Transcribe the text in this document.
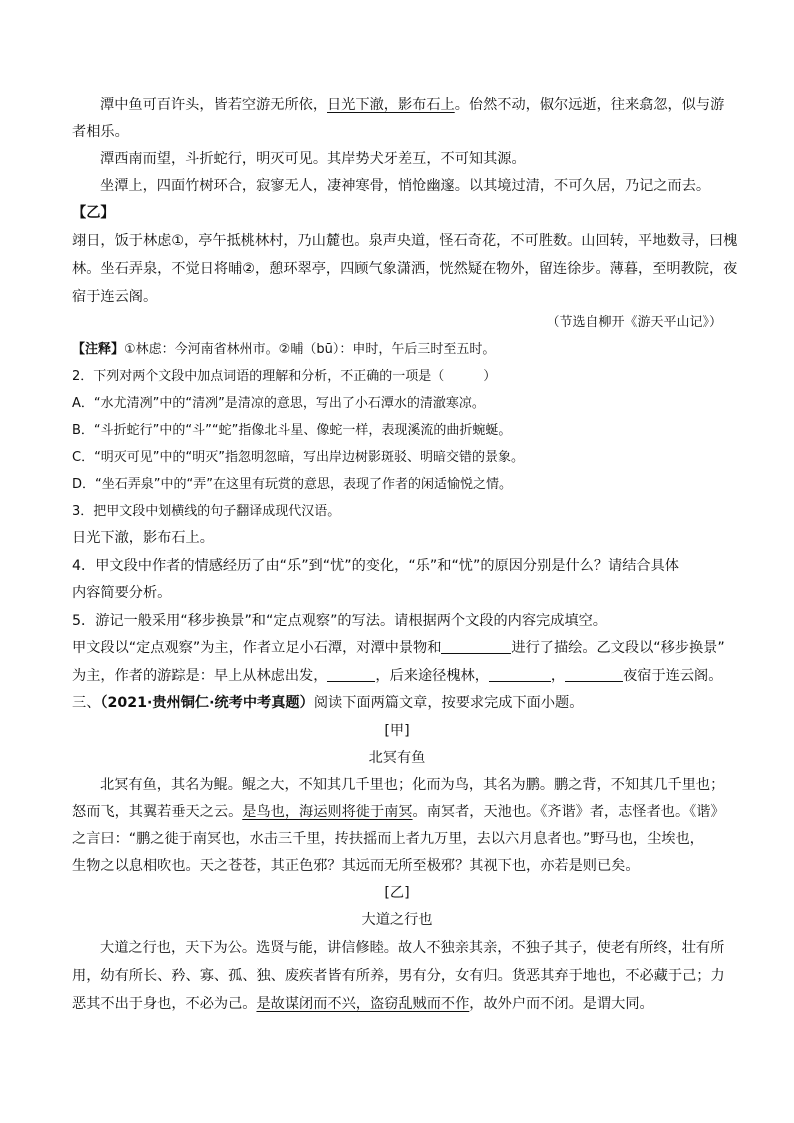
潭中鱼可百许头，皆若空游无所依，日光下澈，影布石上。佁然不动，俶尔远逝，往来翕忽，似与游
者相乐。
潭西南而望，斗折蛇行，明灭可见。其岸势犬牙差互，不可知其源。
坐潭上，四面竹树环合，寂寥无人，凄神寒骨，悄怆幽邃。以其境过清，不可久居，乃记之而去。
【乙】
翊日，饭于林虑①，亭午抵桃林村，乃山麓也。泉声央道，怪石奇花，不可胜数。山回转，平地数寻，曰槐
林。坐石弄泉，不觉日将晡②，憩环翠亭，四顾气象潇洒，恍然疑在物外，留连徐步。薄暮，至明教院，夜
宿于连云阁。
（节选自柳开《游天平山记》）
【注释】①林虑：今河南省林州市。②晡（bū）：申时，午后三时至五时。
2．下列对两个文段中加点词语的理解和分析，不正确的一项是（　　　）
A．“水尤清冽”中的“清冽”是清凉的意思，写出了小石潭水的清澈寒凉。
B．“斗折蛇行”中的“斗”“蛇”指像北斗星、像蛇一样，表现溪流的曲折蜿蜒。
C．“明灭可见”中的“明灭”指忽明忽暗，写出岸边树影斑驳、明暗交错的景象。
D．“坐石弄泉”中的“弄”在这里有玩赏的意思，表现了作者的闲适愉悦之情。
3．把甲文段中划横线的句子翻译成现代汉语。
日光下澈，影布石上。
4．甲文段中作者的情感经历了由“乐”到“忧”的变化，“乐”和“忧”的原因分别是什么？请结合具体
内容简要分析。
5．游记一般采用“移步换景”和“定点观察”的写法。请根据两个文段的内容完成填空。
甲文段以“定点观察”为主，作者立足小石潭，对潭中景物和	进行了描绘。乙文段以“移步换景”
为主，作者的游踪是：早上从林虑出发，	，后来途径槐林，	，	夜宿于连云阁。
三、（2021·贵州铜仁·统考中考真题）阅读下面两篇文章，按要求完成下面小题。
[甲]
北冥有鱼
北冥有鱼，其名为鲲。鲲之大，不知其几千里也；化而为鸟，其名为鹏。鹏之背，不知其几千里也；
怒而飞，其翼若垂天之云。是鸟也，海运则将徙于南冥。南冥者，天池也。《齐谐》者，志怪者也。《谐》
之言曰：“鹏之徙于南冥也，水击三千里，抟扶摇而上者九万里，去以六月息者也。”野马也，尘埃也，
生物之以息相吹也。天之苍苍，其正色邪？其远而无所至极邪？其视下也，亦若是则已矣。
[乙]
大道之行也
大道之行也，天下为公。选贤与能，讲信修睦。故人不独亲其亲，不独子其子，使老有所终，壮有所
用，幼有所长、矜、寡、孤、独、废疾者皆有所养，男有分，女有归。货恶其弃于地也，不必藏于己；力
恶其不出于身也，不必为己。是故谋闭而不兴，盗窃乱贼而不作，故外户而不闭。是谓大同。
